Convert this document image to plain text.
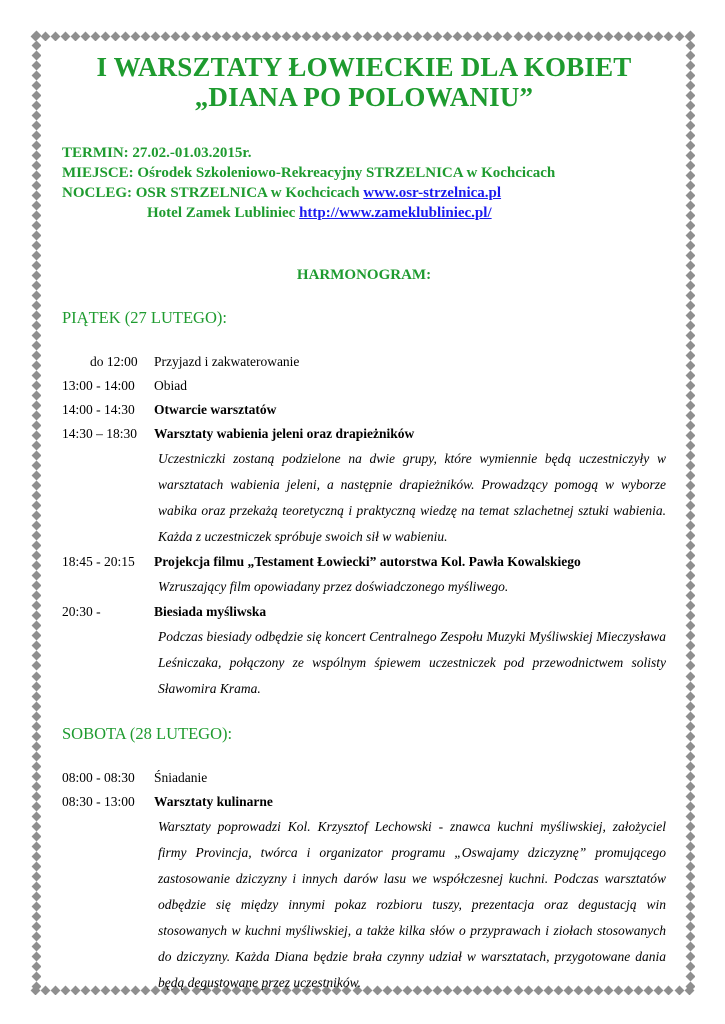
I WARSZTATY ŁOWIECKIE DLA KOBIET
„DIANA PO POLOWANIU”
TERMIN: 27.02.-01.03.2015r.
MIEJSCE: Ośrodek Szkoleniowo-Rekreacyjny STRZELNICA w Kochcicach
NOCLEG: OSR STRZELNICA w Kochcicach www.osr-strzelnica.pl
Hotel Zamek Lubliniec http://www.zameklubliniec.pl/
HARMONOGRAM:
PIĄTEK (27 LUTEGO):
do 12:00	Przyjazd i zakwaterowanie
13:00 - 14:00	Obiad
14:00 - 14:30	Otwarcie warsztatów
14:30 – 18:30	Warsztaty wabienia jeleni oraz drapieżników
Uczestniczki zostaną podzielone na dwie grupy, które wymiennie będą uczestniczyły w warsztatach wabienia jeleni, a następnie drapieżników. Prowadzący pomogą w wyborze wabika oraz przekażą teoretyczną i praktyczną wiedzę na temat szlachetnej sztuki wabienia. Każda z uczestniczek spróbuje swoich sił w wabieniu.
18:45 - 20:15	Projekcja filmu „Testament Łowiecki” autorstwa Kol. Pawła Kowalskiego
Wzruszający film opowiadany przez doświadczonego myśliwego.
20:30 -	Biesiada myśliwska
Podczas biesiady odbędzie się koncert Centralnego Zespołu Muzyki Myśliwskiej Mieczysława Leśniczaka, połączony ze wspólnym śpiewem uczestniczek pod przewodnictwem solisty Sławomira Krama.
SOBOTA (28 LUTEGO):
08:00 - 08:30	Śniadanie
08:30 - 13:00	Warsztaty kulinarne
Warsztaty poprowadzi Kol. Krzysztof Lechowski - znawca kuchni myśliwskiej, założyciel firmy Provincja, twórca i organizator programu „Oswajamy dziczyznę” promującego zastosowanie dziczyzny i innych darów lasu we współczesnej kuchni. Podczas warsztatów odbędzie się między innymi pokaz rozbioru tuszy, prezentacja oraz degustacją win stosowanych w kuchni myśliwskiej, a także kilka słów o przyprawach i ziołach stosowanych do dziczyzny. Każda Diana będzie brała czynny udział w warsztatach, przygotowane dania będą degustowane przez uczestników.
